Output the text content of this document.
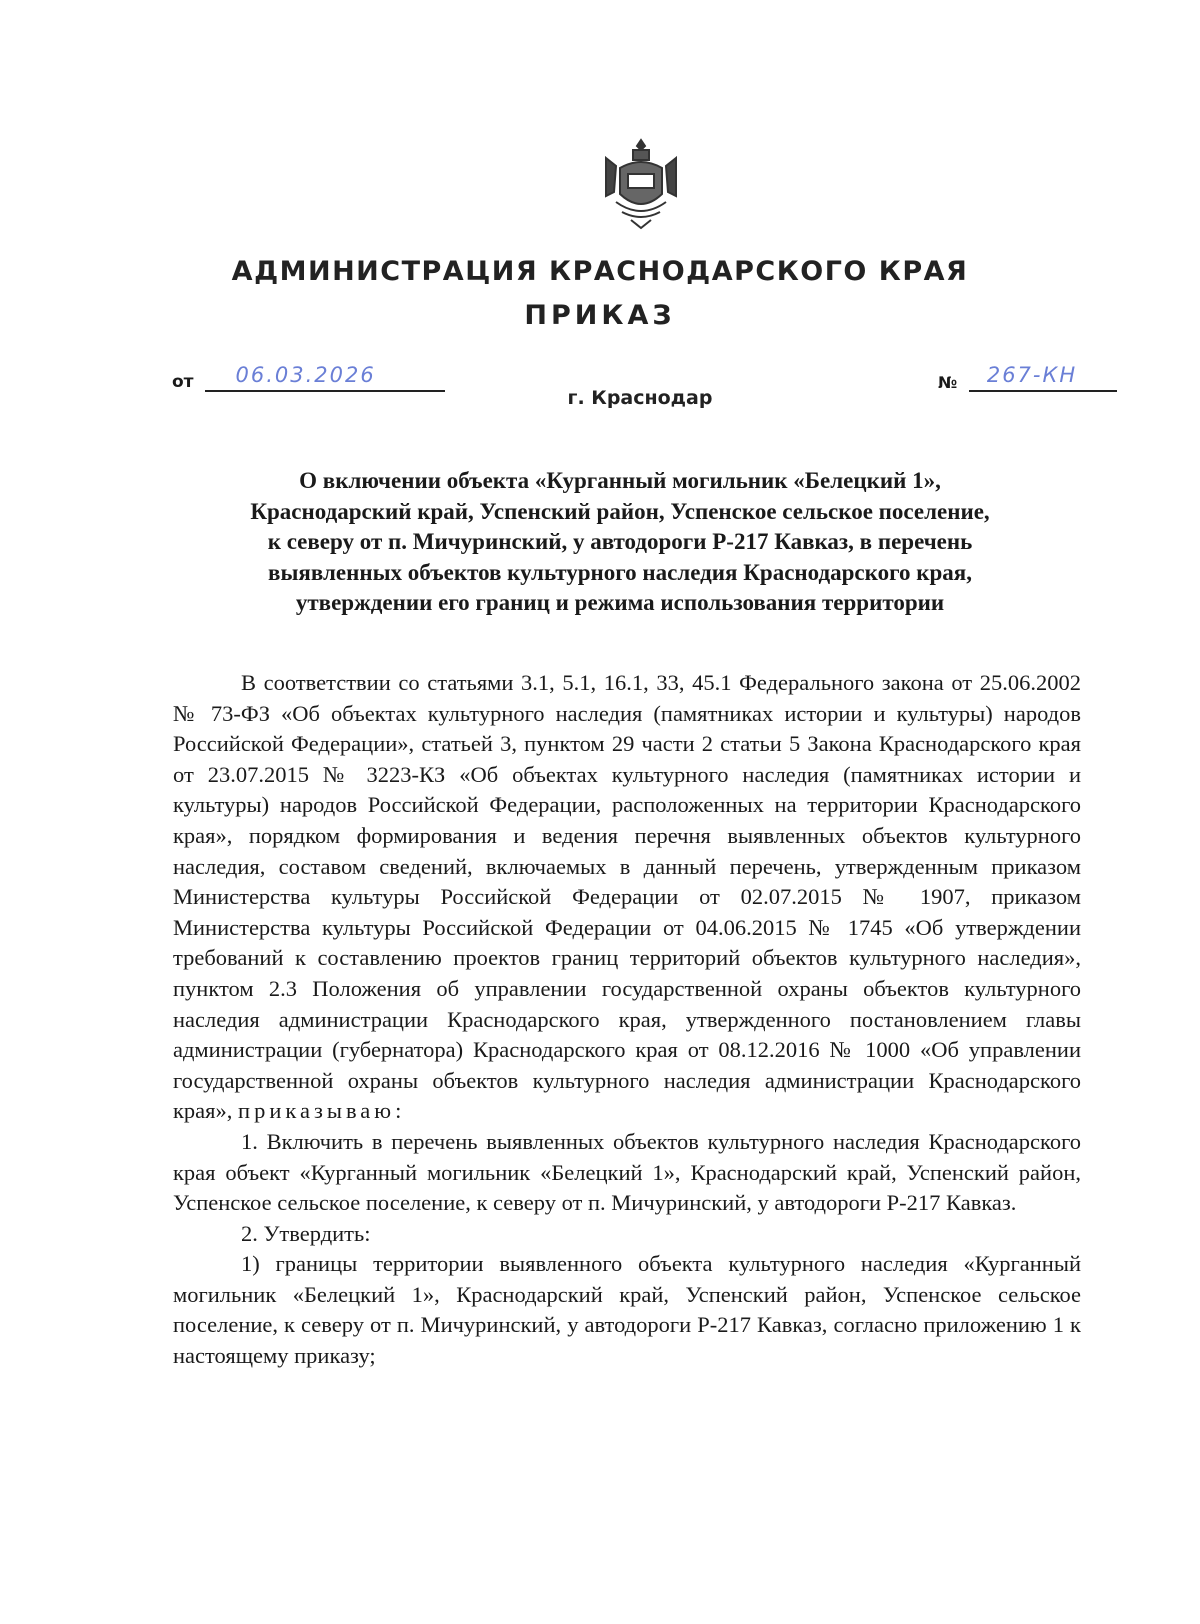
АДМИНИСТРАЦИЯ КРАСНОДАРСКОГО КРАЯ
ПРИКАЗ
от 06.03.2026	№ 267-КН
г. Краснодар
О включении объекта «Курганный могильник «Белецкий 1»,
Краснодарский край, Успенский район, Успенское сельское поселение,
к северу от п. Мичуринский, у автодороги Р-217 Кавказ, в перечень
выявленных объектов культурного наследия Краснодарского края,
утверждении его границ и режима использования территории

В соответствии со статьями 3.1, 5.1, 16.1, 33, 45.1 Федерального закона от 25.06.2002 № 73-ФЗ «Об объектах культурного наследия (памятниках истории и культуры) народов Российской Федерации», статьей 3, пунктом 29 части 2 статьи 5 Закона Краснодарского края от 23.07.2015 № 3223-КЗ «Об объектах культурного наследия (памятниках истории и культуры) народов Российской Федерации, расположенных на территории Краснодарского края», порядком формирования и ведения перечня выявленных объектов культурного наследия, составом сведений, включаемых в данный перечень, утвержденным приказом Министерства культуры Российской Федерации от 02.07.2015 № 1907, приказом Министерства культуры Российской Федерации от 04.06.2015 № 1745 «Об утверждении требований к составлению проектов границ территорий объектов культурного наследия», пунктом 2.3 Положения об управлении государственной охраны объектов культурного наследия администрации Краснодарского края, утвержденного постановлением главы администрации (губернатора) Краснодарского края от 08.12.2016 № 1000 «Об управлении государственной охраны объектов культурного наследия администрации Краснодарского края», приказываю:

1. Включить в перечень выявленных объектов культурного наследия Краснодарского края объект «Курганный могильник «Белецкий 1», Краснодарский край, Успенский район, Успенское сельское поселение, к северу от п. Мичуринский, у автодороги Р-217 Кавказ.

2. Утвердить:

1) границы территории выявленного объекта культурного наследия «Курганный могильник «Белецкий 1», Краснодарский край, Успенский район, Успенское сельское поселение, к северу от п. Мичуринский, у автодороги Р-217 Кавказ, согласно приложению 1 к настоящему приказу;
